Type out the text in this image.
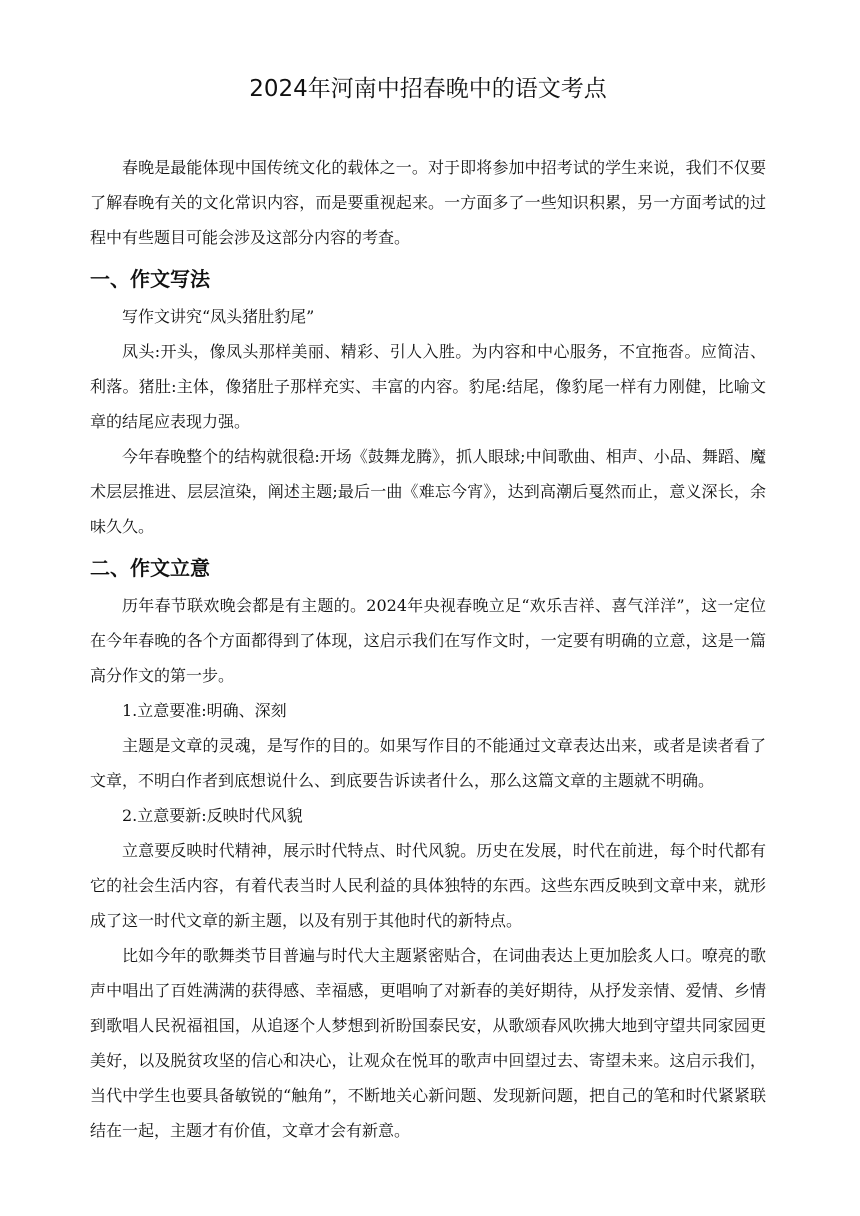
2024年河南中招春晚中的语文考点

春晚是最能体现中国传统文化的载体之一。对于即将参加中招考试的学生来说，我们不仅要了解春晚有关的文化常识内容，而是要重视起来。一方面多了一些知识积累，另一方面考试的过程中有些题目可能会涉及这部分内容的考查。

一、作文写法

写作文讲究“凤头猪肚豹尾”

凤头:开头，像凤头那样美丽、精彩、引人入胜。为内容和中心服务，不宜拖沓。应简洁、利落。猪肚:主体，像猪肚子那样充实、丰富的内容。豹尾:结尾，像豹尾一样有力刚健，比喻文章的结尾应表现力强。

今年春晚整个的结构就很稳:开场《鼓舞龙腾》，抓人眼球;中间歌曲、相声、小品、舞蹈、魔术层层推进、层层渲染，阐述主题;最后一曲《难忘今宵》，达到高潮后戛然而止，意义深长，余味久久。

二、作文立意

历年春节联欢晚会都是有主题的。2024年央视春晚立足“欢乐吉祥、喜气洋洋”，这一定位在今年春晚的各个方面都得到了体现，这启示我们在写作文时，一定要有明确的立意，这是一篇高分作文的第一步。

1.立意要准:明确、深刻

主题是文章的灵魂，是写作的目的。如果写作目的不能通过文章表达出来，或者是读者看了文章，不明白作者到底想说什么、到底要告诉读者什么，那么这篇文章的主题就不明确。

2.立意要新:反映时代风貌

立意要反映时代精神，展示时代特点、时代风貌。历史在发展，时代在前进，每个时代都有它的社会生活内容，有着代表当时人民利益的具体独特的东西。这些东西反映到文章中来，就形成了这一时代文章的新主题，以及有别于其他时代的新特点。

比如今年的歌舞类节目普遍与时代大主题紧密贴合，在词曲表达上更加脍炙人口。嘹亮的歌声中唱出了百姓满满的获得感、幸福感，更唱响了对新春的美好期待，从抒发亲情、爱情、乡情到歌唱人民祝福祖国，从追逐个人梦想到祈盼国泰民安，从歌颂春风吹拂大地到守望共同家园更美好，以及脱贫攻坚的信心和决心，让观众在悦耳的歌声中回望过去、寄望未来。这启示我们，当代中学生也要具备敏锐的“触角”，不断地关心新问题、发现新问题，把自己的笔和时代紧紧联结在一起，主题才有价值，文章才会有新意。
